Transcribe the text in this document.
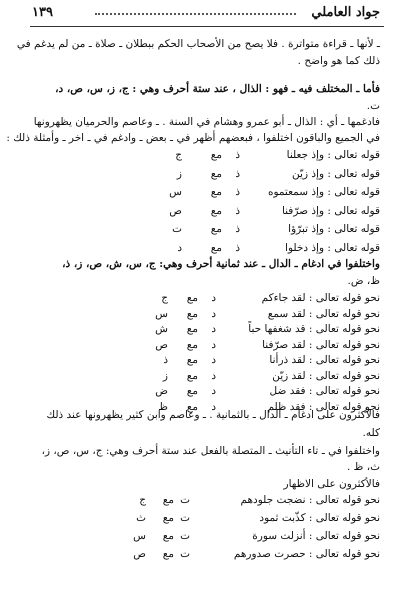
جواد العاملي
١٣٩
ـ لأنها ـ قراءة متواترة . فلا يصح من الأصحاب الحكم ببطلان ـ صلاة ـ من لم يدغم في
ذلك كما هو واضح .
فأما ـ المختلف فيه ـ فهو : الذال ، عند ستة أحرف وهي : ج، ز، س، ص، د،
ت.
فادغمها ـ أي : الذال ـ أبو عمرو وهشام في السنة . ـ وعاصم والحرميان يظهرونها
في الجميع والباقون اختلفوا ، فبعضهم أظهر في ـ بعض ـ وادغم في ـ اخر ـ وأمثلة ذلك :
قوله تعالى : وإذ جعلنا
ذ
مع
ج
قوله تعالى : وإذ زيّن
ذ
مع
ز
قوله تعالى : وإذ سمعتموه
ذ
مع
س
قوله تعالى : وإذ صرّفنا
ذ
مع
ص
قوله تعالى : وإذ تبرّؤا
ذ
مع
ت
قوله تعالى : وإذ دخلوا
ذ
مع
د
واختلفوا في ادغام ـ الدال ـ عند ثمانية أحرف وهي: ج، س، ش، ص، ز، ذ،
ظ، ض.
نحو قوله تعالى : لقد جاءكم
د
مع
ج
نحو قوله تعالى : لقد سمع
د
مع
س
نحو قوله تعالى : قد شغفها حباً
د
مع
ش
نحو قوله تعالى : لقد صرّفنا
د
مع
ص
نحو قوله تعالى : لقد ذرأنا
د
مع
ذ
نحو قوله تعالى : لقد زيّن
د
مع
ز
نحو قوله تعالى : فقد ضل
د
مع
ض
نحو قوله تعالى : فقد ظلم
د
مع
ظ
فالأكثرون على ادغام ـ الدال ـ بالثمانية . ـ وعاصم وابن كثير يظهرونها عند ذلك
كله.
واختلفوا في ـ تاء التأنيث ـ المتصلة بالفعل عند ستة أحرف وهي: ج، س، ص، ز،
ث، ظ .
فالأكثرون على الاظهار
نحو قوله تعالى : نضجت جلودهم
ت
مع
ج
نحو قوله تعالى : كذّبت ثمود
ت
مع
ث
نحو قوله تعالى : أنزلت سورة
ت
مع
س
نحو قوله تعالى : حصرت صدورهم
ت
مع
ص
